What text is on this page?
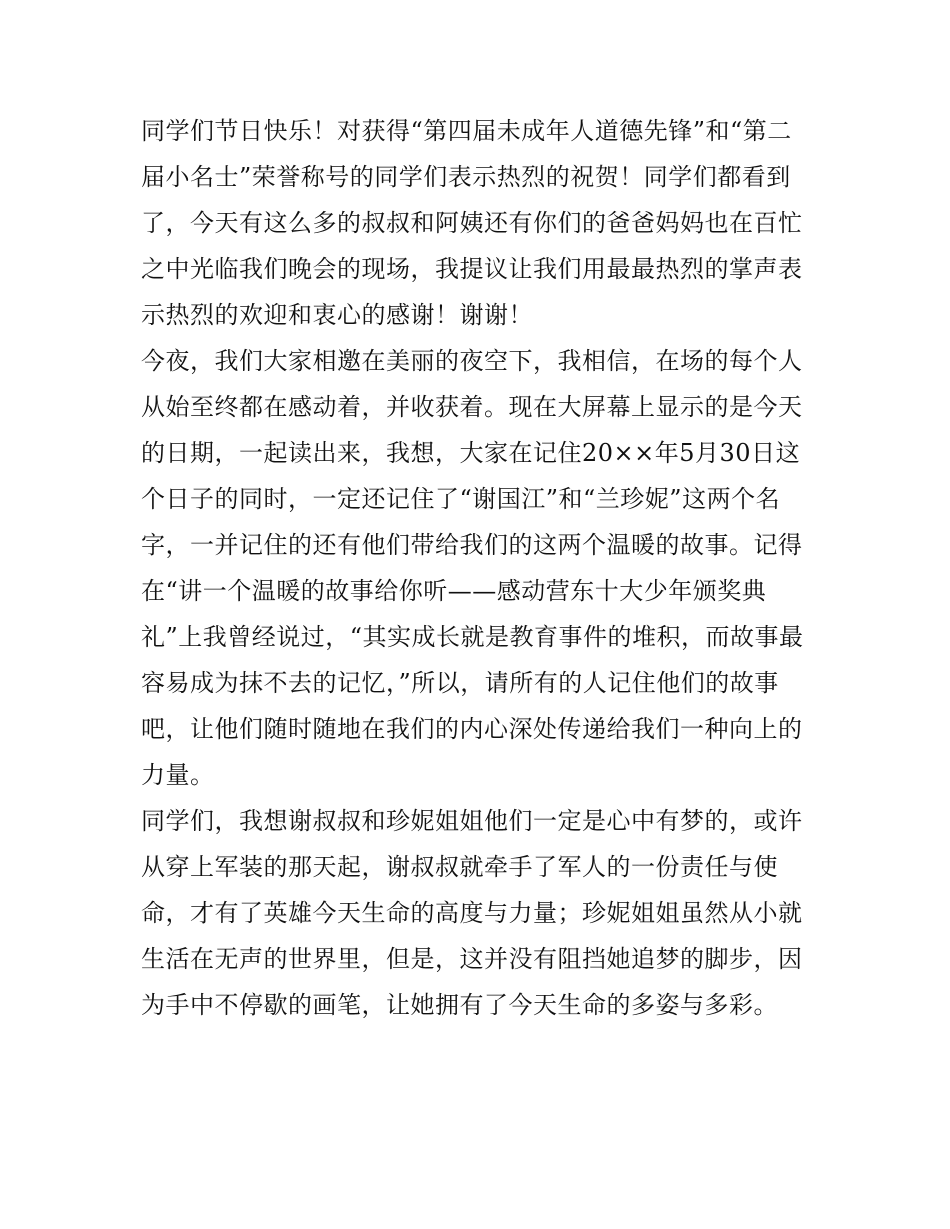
同学们节日快乐！对获得“第四届未成年人道德先锋”和“第二
届小名士”荣誉称号的同学们表示热烈的祝贺！同学们都看到
了，今天有这么多的叔叔和阿姨还有你们的爸爸妈妈也在百忙
之中光临我们晚会的现场，我提议让我们用最最热烈的掌声表
示热烈的欢迎和衷心的感谢！谢谢！
今夜，我们大家相邀在美丽的夜空下，我相信，在场的每个人
从始至终都在感动着，并收获着。现在大屏幕上显示的是今天
的日期，一起读出来，我想，大家在记住20××年5月30日这
个日子的同时，一定还记住了“谢国江”和“兰珍妮”这两个名
字，一并记住的还有他们带给我们的这两个温暖的故事。记得
在“讲一个温暖的故事给你听——感动营东十大少年颁奖典
礼”上我曾经说过，“其实成长就是教育事件的堆积，而故事最
容易成为抹不去的记忆，”所以，请所有的人记住他们的故事
吧，让他们随时随地在我们的内心深处传递给我们一种向上的
力量。
同学们，我想谢叔叔和珍妮姐姐他们一定是心中有梦的，或许
从穿上军装的那天起，谢叔叔就牵手了军人的一份责任与使
命，才有了英雄今天生命的高度与力量；珍妮姐姐虽然从小就
生活在无声的世界里，但是，这并没有阻挡她追梦的脚步，因
为手中不停歇的画笔，让她拥有了今天生命的多姿与多彩。
